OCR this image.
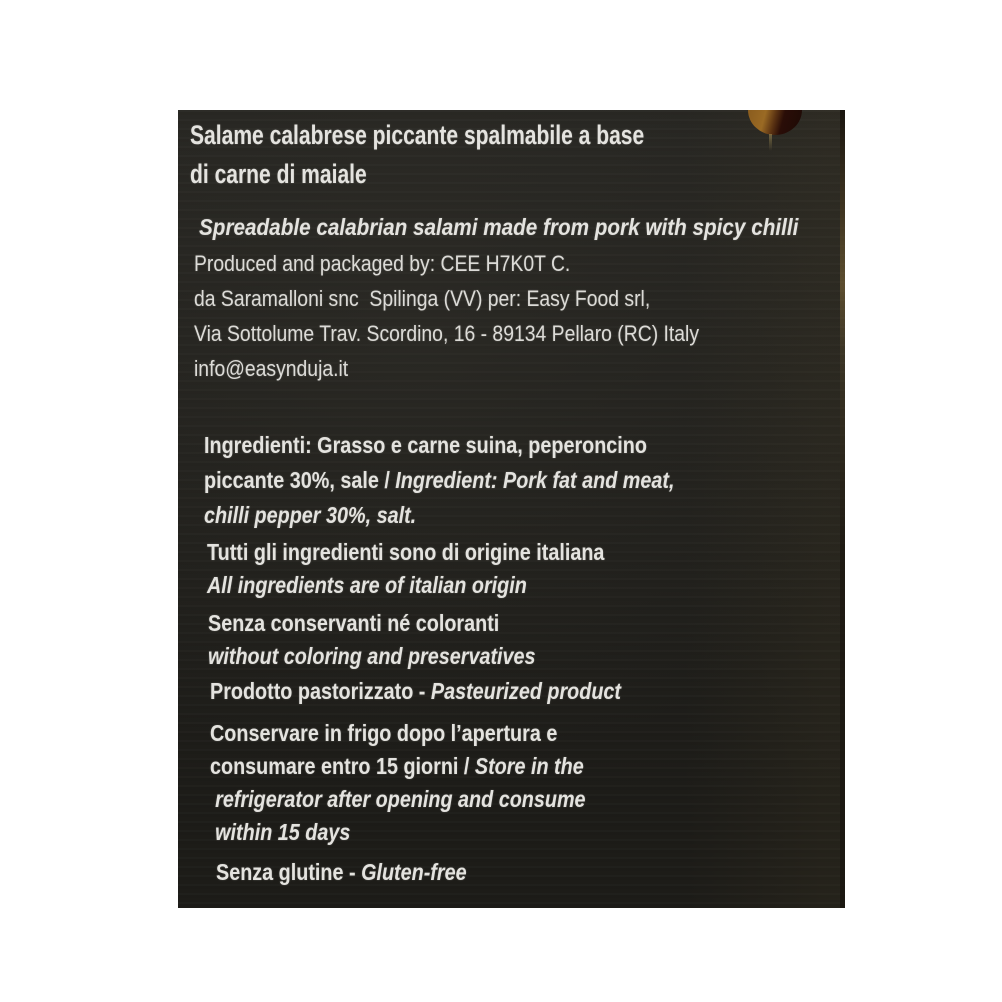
Salame calabrese piccante spalmabile a base
di carne di maiale
Spreadable calabrian salami made from pork with spicy chilli
Produced and packaged by: CEE H7K0T C.
da Saramalloni snc  Spilinga (VV) per: Easy Food srl,
Via Sottolume Trav. Scordino, 16 - 89134 Pellaro (RC) Italy
info@easynduja.it
Ingredienti: Grasso e carne suina, peperoncino
piccante 30%, sale / Ingredient: Pork fat and meat,
chilli pepper 30%, salt.
Tutti gli ingredienti sono di origine italiana
All ingredients are of italian origin
Senza conservanti né coloranti
without coloring and preservatives
Prodotto pastorizzato - Pasteurized product
Conservare in frigo dopo l’apertura e
consumare entro 15 giorni / Store in the
refrigerator after opening and consume
within 15 days
Senza glutine - Gluten-free
